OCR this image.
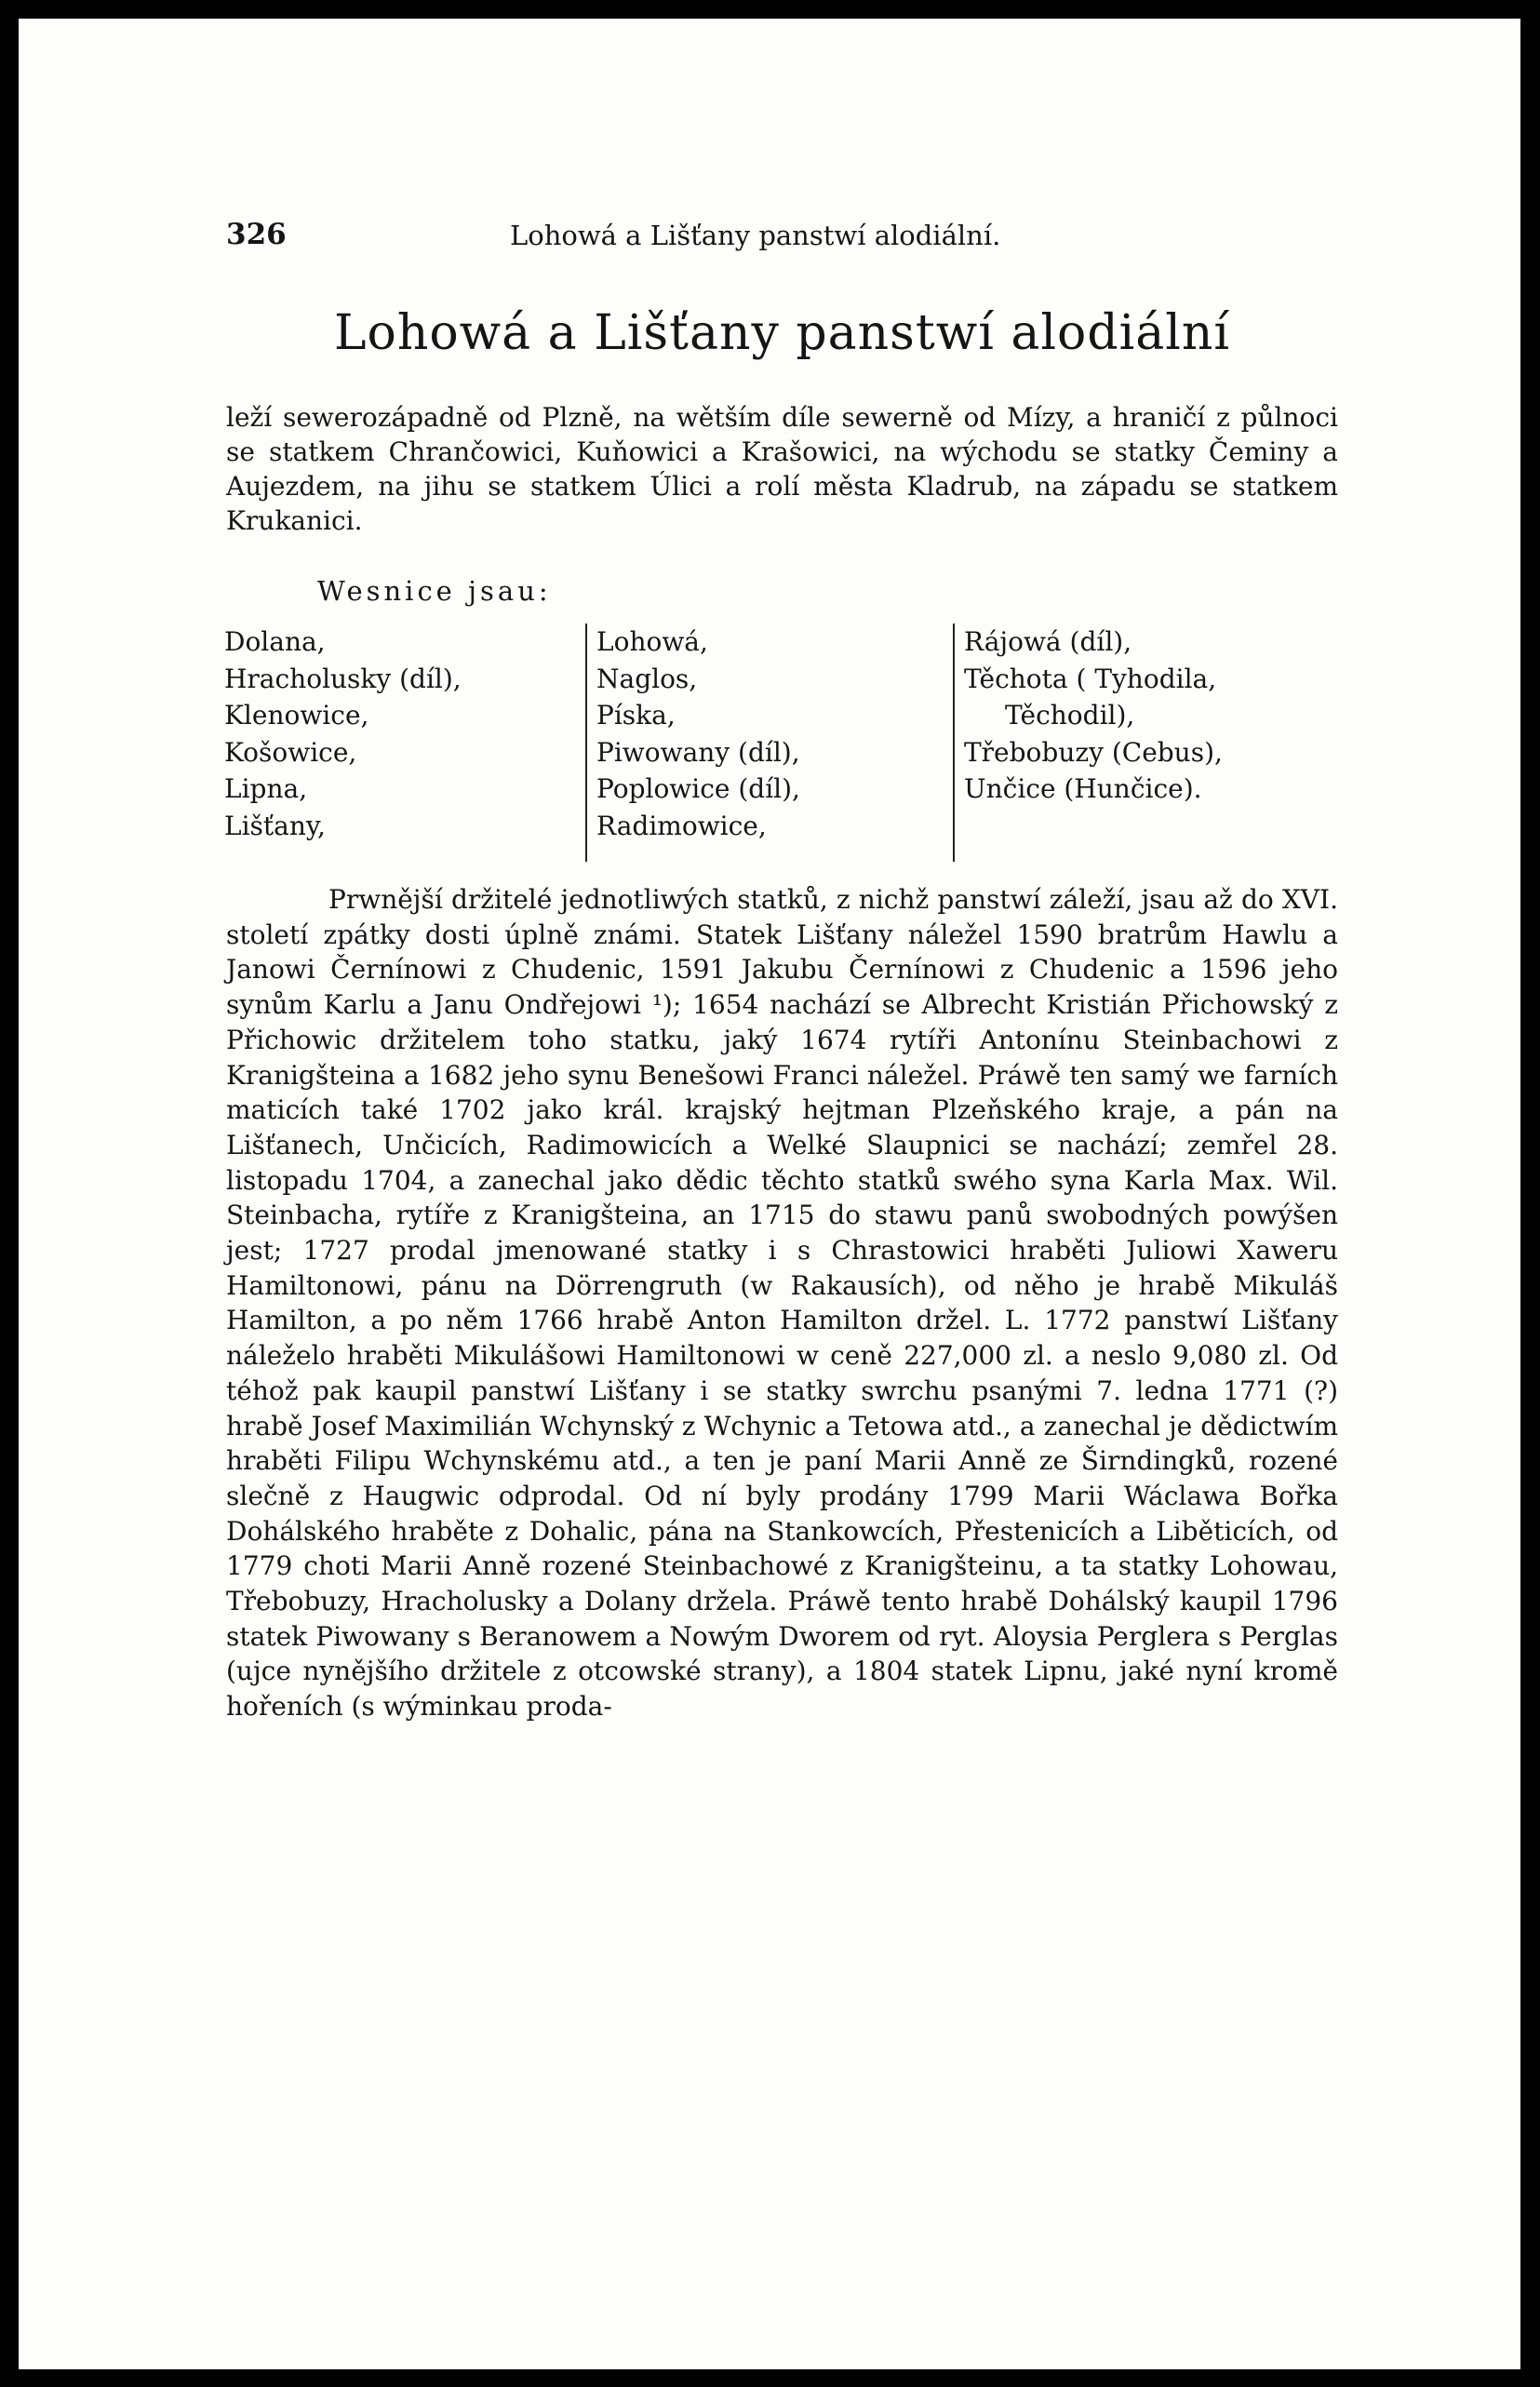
326	Lohowá a Lišťany panstwí alodiální.
Lohowá a Lišťany panstwí alodiální
leží sewerozápadně od Plzně, na wětším díle sewerně od Mízy, a hraničí z půlnoci se statkem Chrančowici, Kuňowici a Krašowici, na wýchodu se statky Čeminy a Aujezdem, na jihu se statkem Úlici a rolí města Kladrub, na západu se statkem Krukanici.
Wesnice jsau:
Dolana,
Hracholusky (díl),
Klenowice,
Košowice,
Lipna,
Lišťany,
Lohowá,
Naglos,
Píska,
Piwowany (díl),
Poplowice (díl),
Radimowice,
Rájowá (díl),
Těchota ( Tyhodila,
Těchodil),
Třebobuzy (Cebus),
Unčice (Hunčice).

Prwnější držitelé jednotliwých statků, z nichž panstwí záleží, jsau až do XVI. století zpátky dosti úplně známi. Statek Lišťany náležel 1590 bratrům Hawlu a Janowi Černínowi z Chudenic, 1591 Jakubu Černínowi z Chudenic a 1596 jeho synům Karlu a Janu Ondřejowi ¹); 1654 nachází se Albrecht Kristián Přichowský z Přichowic držitelem toho statku, jaký 1674 rytíři Antonínu Steinbachowi z Kranigšteina a 1682 jeho synu Benešowi Franci náležel. Práwě ten samý we farních maticích také 1702 jako král. krajský hejtman Plzeňského kraje, a pán na Lišťanech, Unčicích, Radimowicích a Welké Slaupnici se nachází; zemřel 28. listopadu 1704, a zanechal jako dědic těchto statků swého syna Karla Max. Wil. Steinbacha, rytíře z Kranigšteina, an 1715 do stawu panů swobodných powýšen jest; 1727 prodal jmenowané statky i s Chrastowici hraběti Juliowi Xaweru Hamiltonowi, pánu na Dörrengruth (w Rakausích), od něho je hrabě Mikuláš Hamilton, a po něm 1766 hrabě Anton Hamilton držel. L. 1772 panstwí Lišťany náleželo hraběti Mikulášowi Hamiltonowi w ceně 227,000 zl. a neslo 9,080 zl. Od téhož pak kaupil panstwí Lišťany i se statky swrchu psanými 7. ledna 1771 (?) hrabě Josef Maximilián Wchynský z Wchynic a Tetowa atd., a zanechal je dědictwím hraběti Filipu Wchynskému atd., a ten je paní Marii Anně ze Širndingků, rozené slečně z Haugwic odprodal. Od ní byly prodány 1799 Marii Wáclawa Bořka Dohálského hraběte z Dohalic, pána na Stankowcích, Přestenicích a Liběticích, od 1779 choti Marii Anně rozené Steinbachowé z Kranigšteinu, a ta statky Lohowau, Třebobuzy, Hracholusky a Dolany držela. Práwě tento hrabě Dohálský kaupil 1796 statek Piwowany s Beranowem a Nowým Dworem od ryt. Aloysia Perglera s Perglas (ujce nynějšího držitele z otcowské strany), a 1804 statek Lipnu, jaké nyní kromě hořeních (s wýminkau proda-
